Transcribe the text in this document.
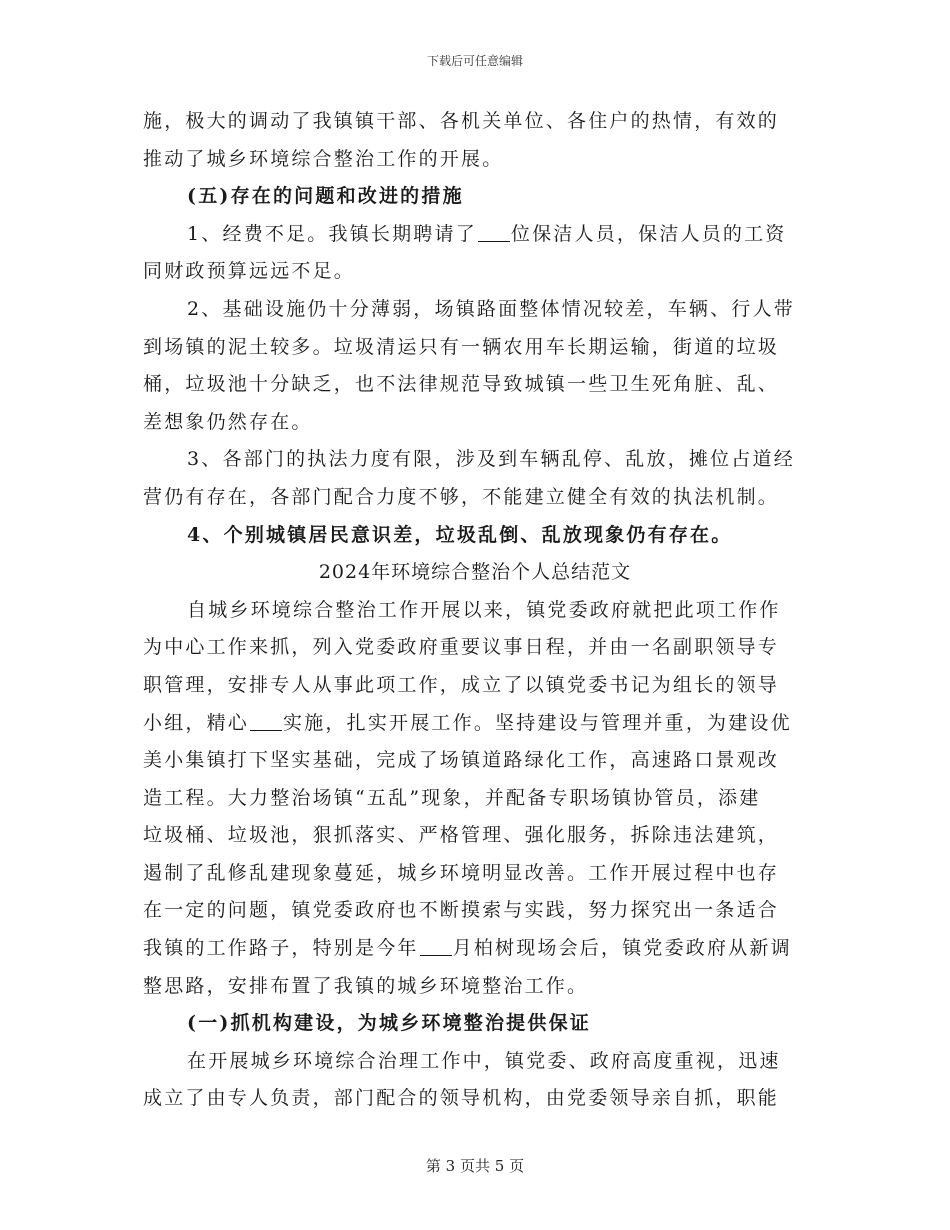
下载后可任意编辑
施，极大的调动了我镇镇干部、各机关单位、各住户的热情，有效的
推动了城乡环境综合整治工作的开展。
(五)存在的问题和改进的措施
1、经费不足。我镇长期聘请了 位保洁人员，保洁人员的工资
同财政预算远远不足。
2、基础设施仍十分薄弱，场镇路面整体情况较差，车辆、行人带
到场镇的泥土较多。垃圾清运只有一辆农用车长期运输，街道的垃圾
桶，垃圾池十分缺乏，也不法律规范导致城镇一些卫生死角脏、乱、
差想象仍然存在。
3、各部门的执法力度有限，涉及到车辆乱停、乱放，摊位占道经
营仍有存在，各部门配合力度不够，不能建立健全有效的执法机制。
4、个别城镇居民意识差，垃圾乱倒、乱放现象仍有存在。
2024年环境综合整治个人总结范文
自城乡环境综合整治工作开展以来，镇党委政府就把此项工作作
为中心工作来抓，列入党委政府重要议事日程，并由一名副职领导专
职管理，安排专人从事此项工作，成立了以镇党委书记为组长的领导
小组，精心 实施，扎实开展工作。坚持建设与管理并重，为建设优
美小集镇打下坚实基础，完成了场镇道路绿化工作，高速路口景观改
造工程。大力整治场镇“五乱”现象，并配备专职场镇协管员，添建
垃圾桶、垃圾池，狠抓落实、严格管理、强化服务，拆除违法建筑，
遏制了乱修乱建现象蔓延，城乡环境明显改善。工作开展过程中也存
在一定的问题，镇党委政府也不断摸索与实践，努力探究出一条适合
我镇的工作路子，特别是今年 月柏树现场会后，镇党委政府从新调
整思路，安排布置了我镇的城乡环境整治工作。
(一)抓机构建设，为城乡环境整治提供保证
在开展城乡环境综合治理工作中，镇党委、政府高度重视，迅速
成立了由专人负责，部门配合的领导机构，由党委领导亲自抓，职能
第 3 页共 5 页
